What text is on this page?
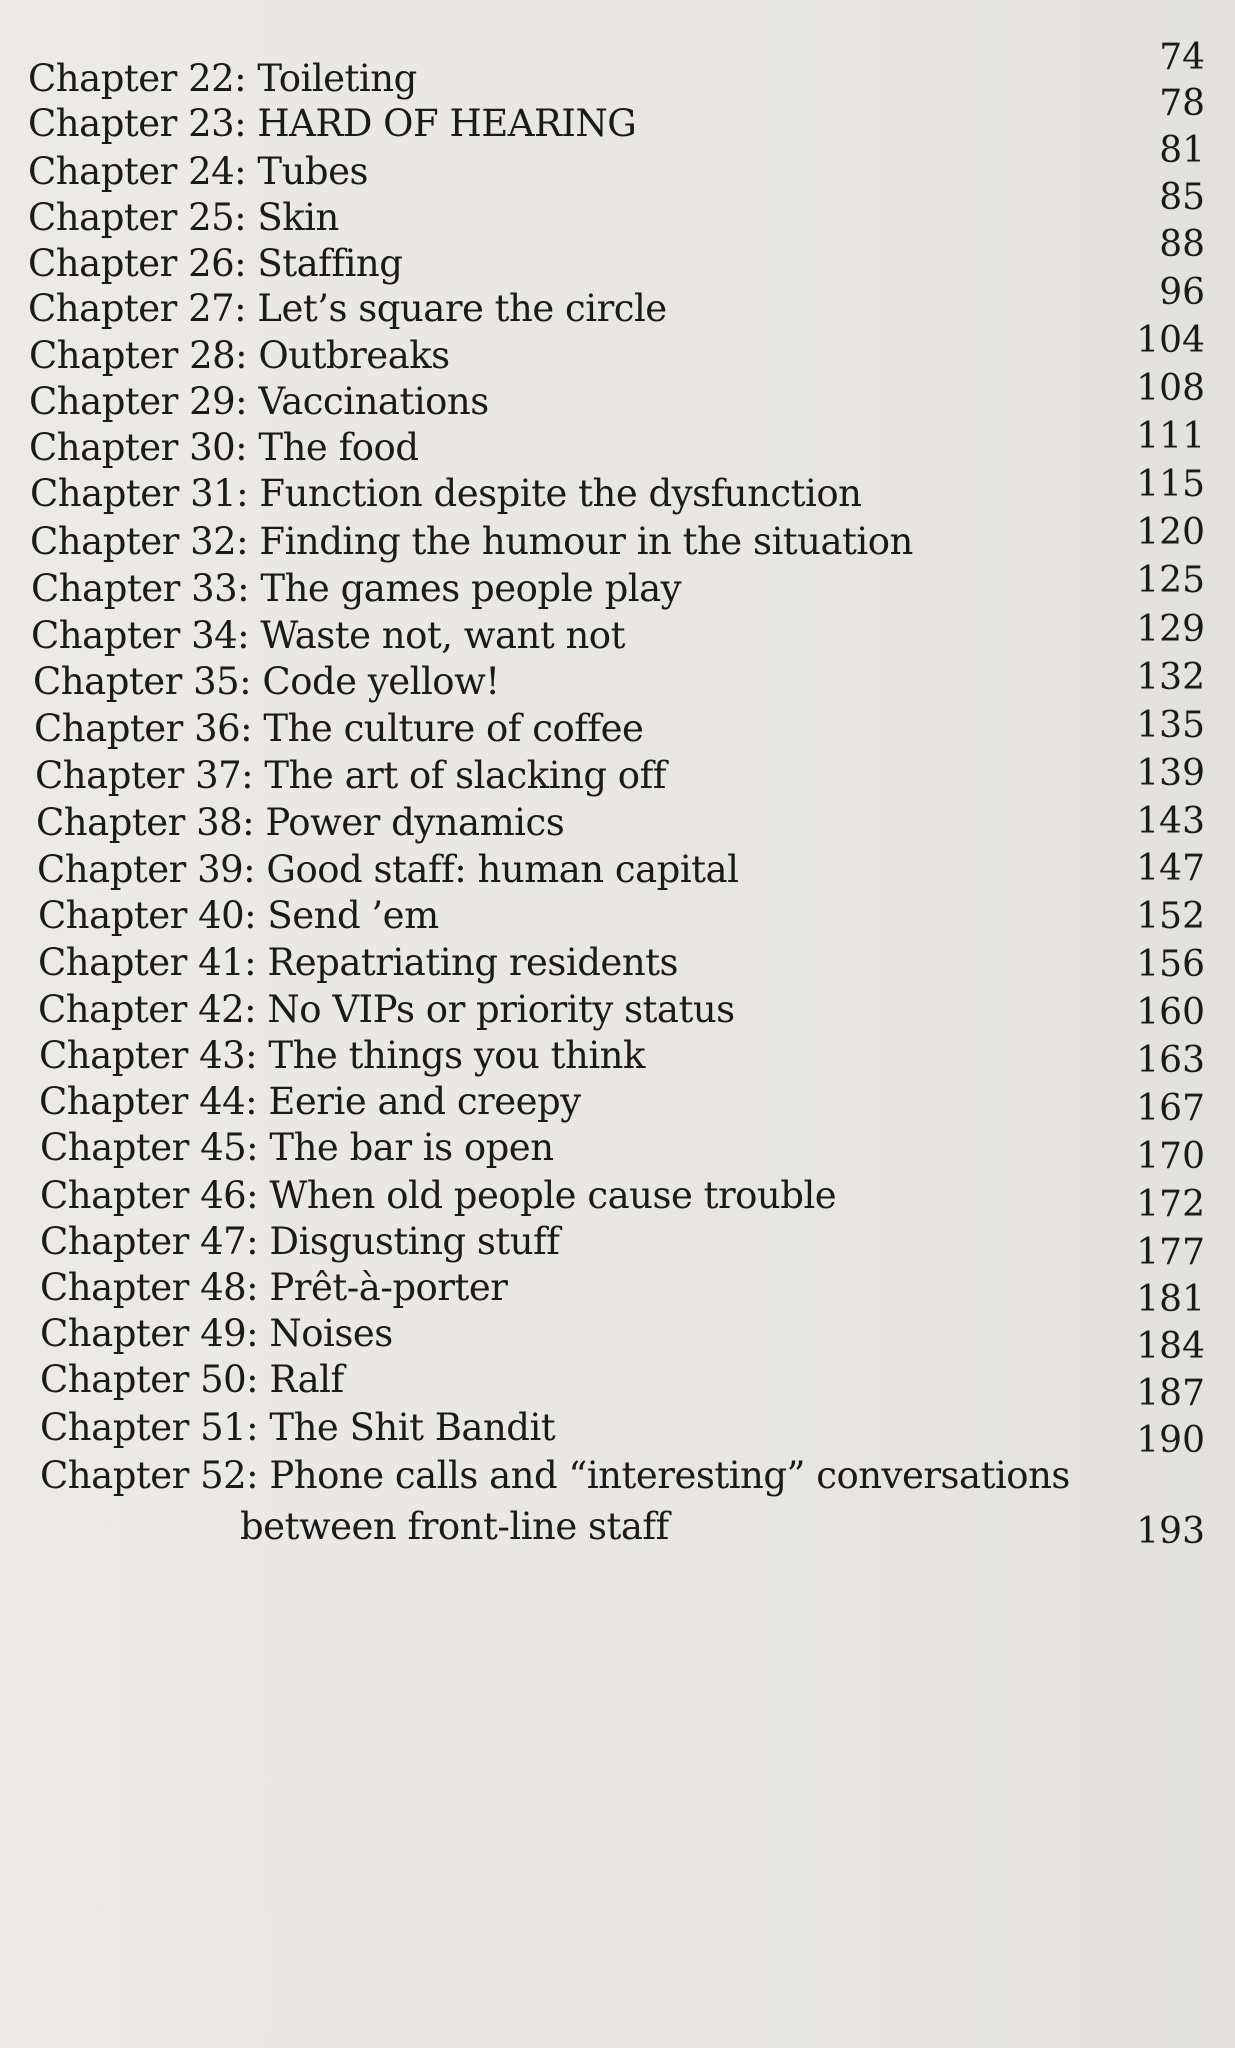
Chapter 22: Toileting	74
Chapter 23: HARD OF HEARING	78
Chapter 24: Tubes	81
Chapter 25: Skin	85
Chapter 26: Staffing	88
Chapter 27: Let’s square the circle	96
Chapter 28: Outbreaks	104
Chapter 29: Vaccinations	108
Chapter 30: The food	111
Chapter 31: Function despite the dysfunction	115
Chapter 32: Finding the humour in the situation	120
Chapter 33: The games people play	125
Chapter 34: Waste not, want not	129
Chapter 35: Code yellow!	132
Chapter 36: The culture of coffee	135
Chapter 37: The art of slacking off	139
Chapter 38: Power dynamics	143
Chapter 39: Good staff: human capital	147
Chapter 40: Send ’em	152
Chapter 41: Repatriating residents	156
Chapter 42: No VIPs or priority status	160
Chapter 43: The things you think	163
Chapter 44: Eerie and creepy	167
Chapter 45: The bar is open	170
Chapter 46: When old people cause trouble	172
Chapter 47: Disgusting stuff	177
Chapter 48: Prêt-à-porter	181
Chapter 49: Noises	184
Chapter 50: Ralf	187
Chapter 51: The Shit Bandit	190
Chapter 52: Phone calls and “interesting” conversations
between front-line staff	193
